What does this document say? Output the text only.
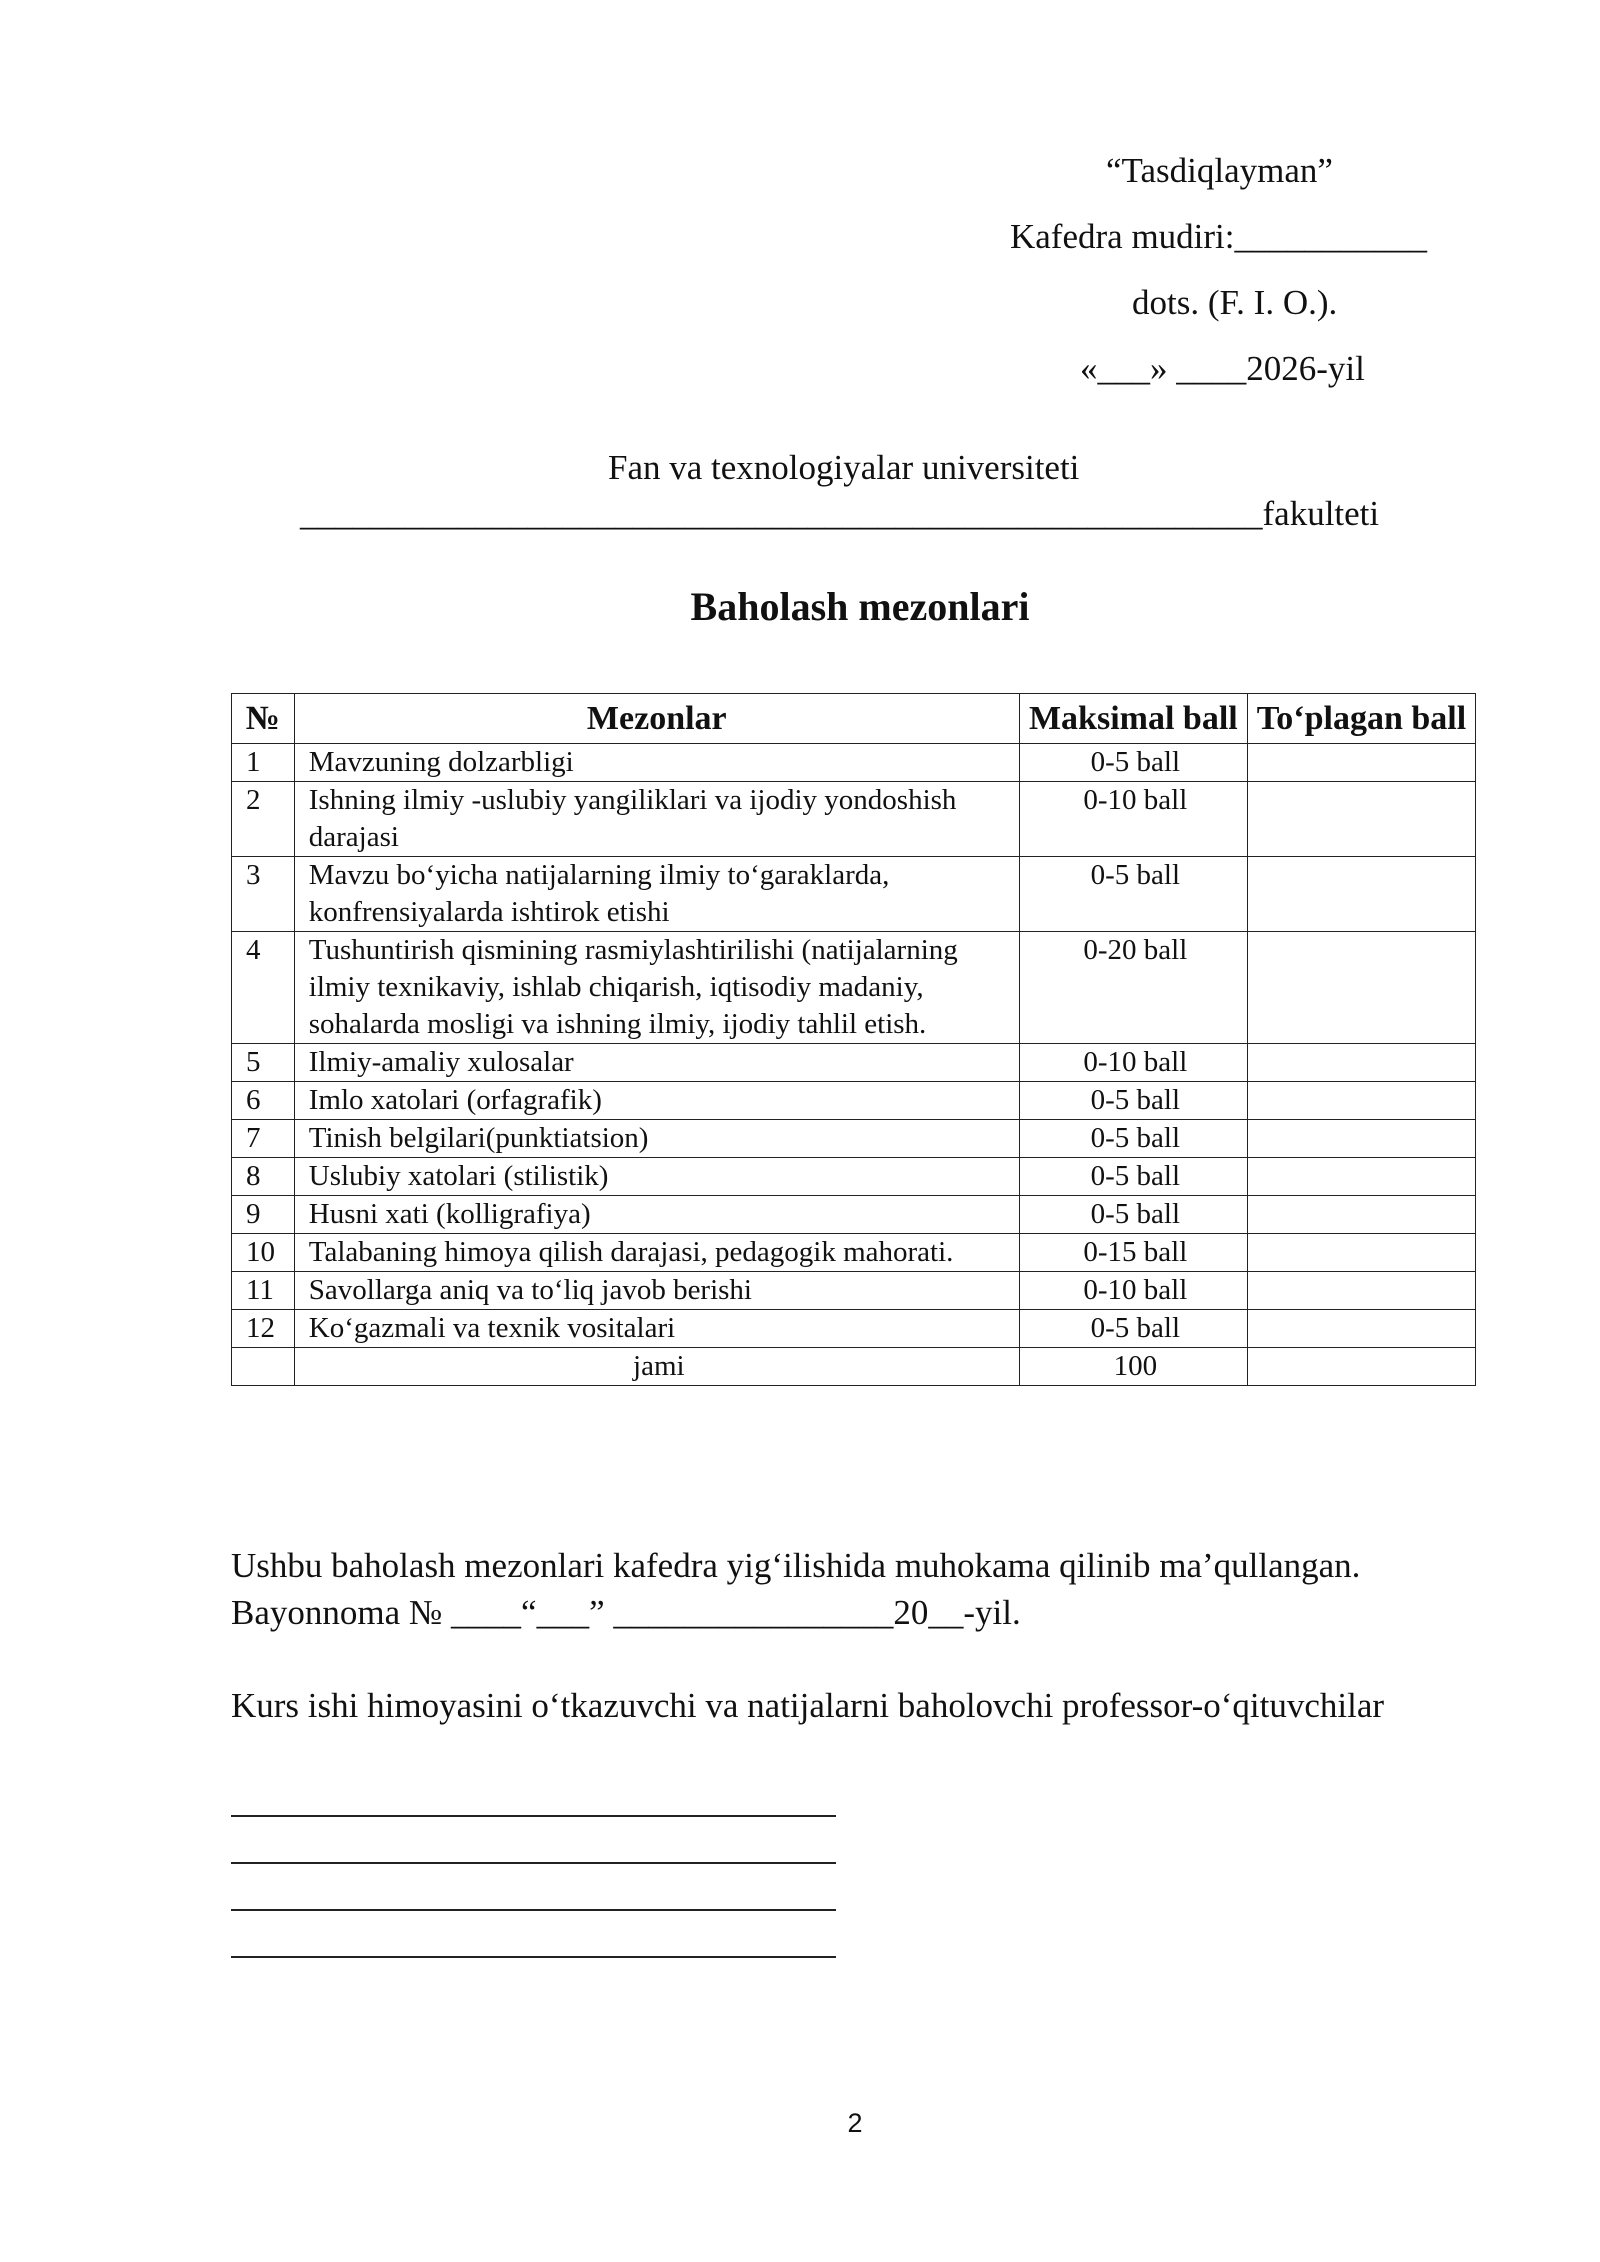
“Tasdiqlayman”
Kafedra mudiri:___________
dots. (F. I. O.).
«___» ____2026-yil
Fan va texnologiyalar universiteti
_______________________________________________________fakulteti
Baholash mezonlari
№	Mezonlar	Maksimal ball	To‘plagan ball
1	Mavzuning dolzarbligi	0-5 ball	
2	Ishning ilmiy -uslubiy yangiliklari va ijodiy yondoshish darajasi	0-10 ball	
3	Mavzu bo‘yicha natijalarning ilmiy to‘garaklarda, konfrensiyalarda ishtirok etishi	0-5 ball	
4	Tushuntirish qismining rasmiylashtirilishi (natijalarning ilmiy texnikaviy, ishlab chiqarish, iqtisodiy madaniy, sohalarda mosligi va ishning ilmiy, ijodiy tahlil etish.	0-20 ball	
5	Ilmiy-amaliy xulosalar	0-10 ball	
6	Imlo xatolari (orfagrafik)	0-5 ball	
7	Tinish belgilari(punktiatsion)	0-5 ball	
8	Uslubiy xatolari (stilistik)	0-5 ball	
9	Husni xati (kolligrafiya)	0-5 ball	
10	Talabaning himoya qilish darajasi, pedagogik mahorati.	0-15 ball	
11	Savollarga aniq va to‘liq javob berishi	0-10 ball	
12	Ko‘gazmali va texnik vositalari	0-5 ball	
	jami	100	
Ushbu baholash mezonlari kafedra yig‘ilishida muhokama qilinib ma’qullangan.
Bayonnoma № ____“___” ________________20__-yil.
Kurs ishi himoyasini o‘tkazuvchi va natijalarni baholovchi professor-o‘qituvchilar
2
